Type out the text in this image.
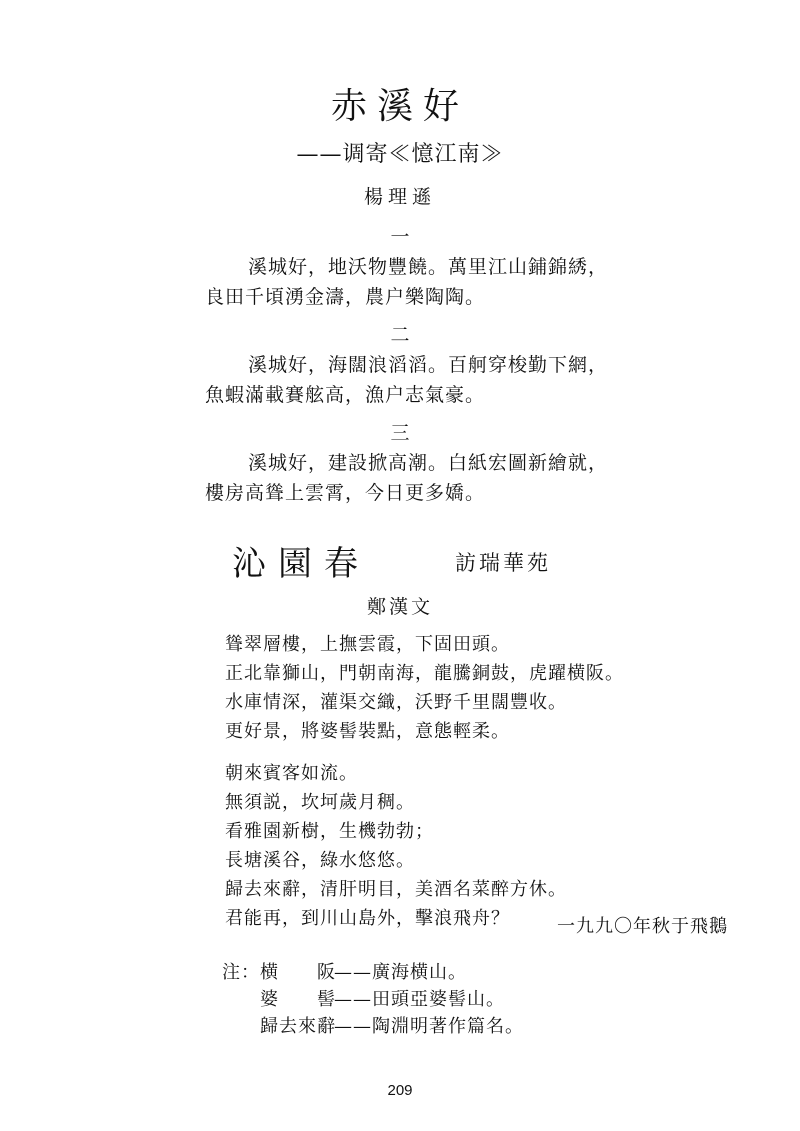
赤溪好
——调寄≪憶江南≫
楊理遜
一
溪城好，地沃物豐饒。萬里江山鋪錦綉，
良田千頃湧金濤，農户樂陶陶。
二
溪城好，海闊浪滔滔。百舸穿梭勤下網，
魚蝦滿載賽舷高，漁户志氣豪。
三
溪城好，建設掀高潮。白紙宏圖新繪就，
樓房高聳上雲霄，今日更多嬌。
沁園春	訪瑞華苑
鄭漢文
聳翠層樓，上撫雲霞，下固田頭。
正北靠獅山，門朝南海，龍騰銅鼓，虎躍横阪。
水庫情深，灌渠交織，沃野千里闊豐收。
更好景，將婆髻裝點，意態輕柔。
朝來賓客如流。
無須説，坎坷歲月稠。
看雅園新樹，生機勃勃；
長塘溪谷，綠水悠悠。
歸去來辭，清肝明目，美酒名菜醉方休。
君能再，到川山島外，擊浪飛舟？	一九九〇年秋于飛鵝
注： 横　　阪
——廣海横山。
婆　　髻
——田頭亞婆髻山。
歸去來辭
——陶淵明著作篇名。
209
